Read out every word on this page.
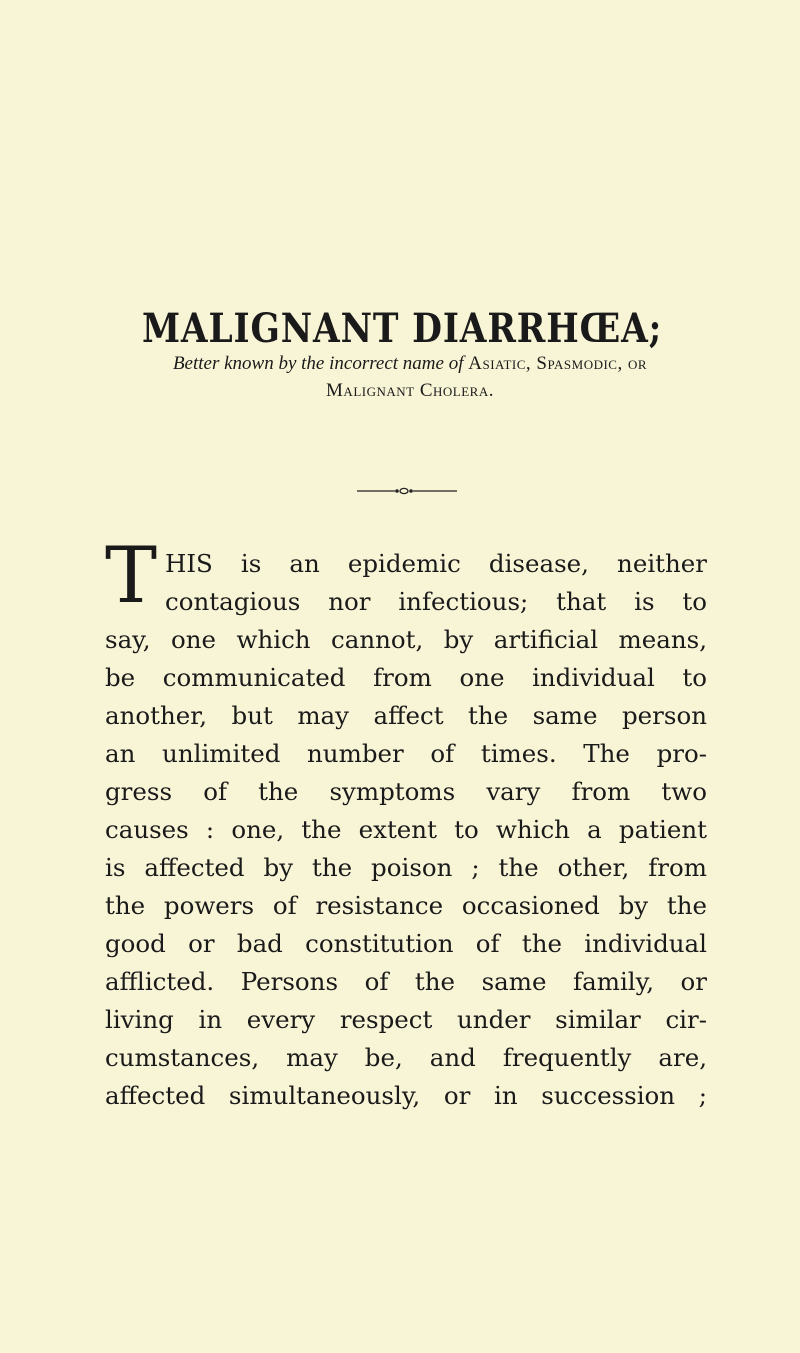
MALIGNANT DIARRHŒA;
Better known by the incorrect name of Asiatic, Spasmodic, or
Malignant Cholera.
T HIS is an epidemic disease, neither
contagious nor infectious; that is to
say, one which cannot, by artificial means,
be communicated from one individual to
another, but may affect the same person
an unlimited number of times. The pro-
gress of the symptoms vary from two
causes : one, the extent to which a patient
is affected by the poison ; the other, from
the powers of resistance occasioned by the
good or bad constitution of the individual
afflicted. Persons of the same family, or
living in every respect under similar cir-
cumstances, may be, and frequently are,
affected simultaneously, or in succession ;
